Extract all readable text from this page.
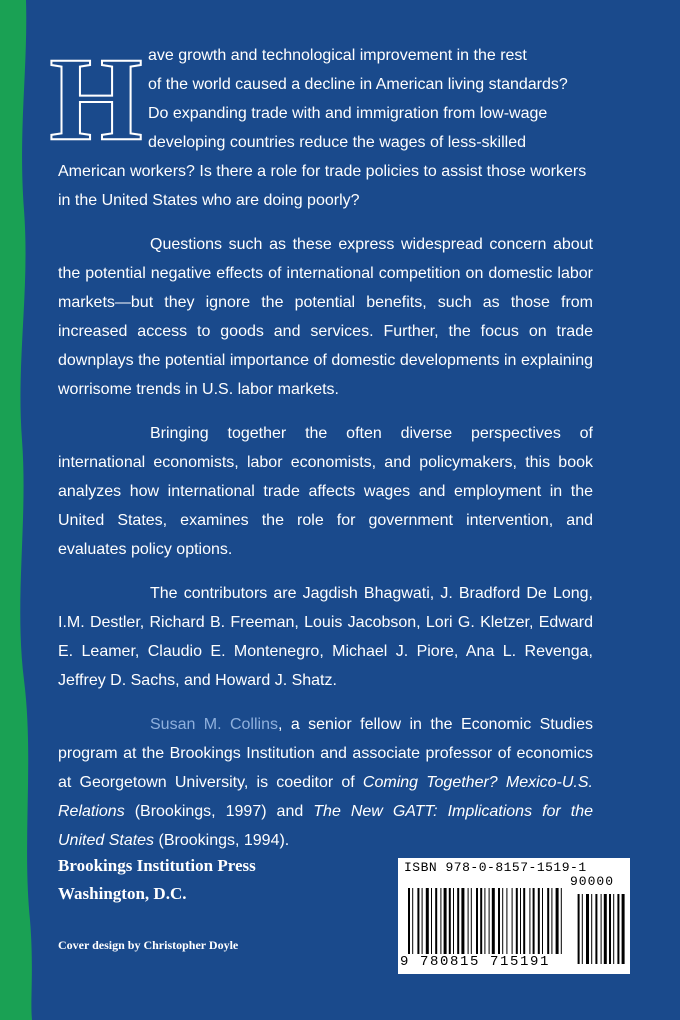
H ave growth and technological improvement in the rest
of the world caused a decline in American living standards?
Do expanding trade with and immigration from low-wage
developing countries reduce the wages of less-skilled
American workers? Is there a role for trade policies to assist those workers in the United States who are doing poorly?

Questions such as these express widespread concern about the potential negative effects of international competition on domestic labor markets—but they ignore the potential benefits, such as those from increased access to goods and services. Further, the focus on trade downplays the potential importance of domestic developments in explaining worrisome trends in U.S. labor markets.

Bringing together the often diverse perspectives of international economists, labor economists, and policymakers, this book analyzes how international trade affects wages and employment in the United States, examines the role for government intervention, and evaluates policy options.

The contributors are Jagdish Bhagwati, J. Bradford De Long, I.M. Destler, Richard B. Freeman, Louis Jacobson, Lori G. Kletzer, Edward E. Leamer, Claudio E. Montenegro, Michael J. Piore, Ana L. Revenga, Jeffrey D. Sachs, and Howard J. Shatz.

Susan M. Collins, a senior fellow in the Economic Studies program at the Brookings Institution and associate professor of economics at Georgetown University, is coeditor of Coming Together? Mexico-U.S. Relations (Brookings, 1997) and The New GATT: Implications for the United States (Brookings, 1994).

Brookings Institution Press
Washington, D.C.
Cover design by Christopher Doyle
ISBN 978-0-8157-1519-1
90000
9 780815 715191
